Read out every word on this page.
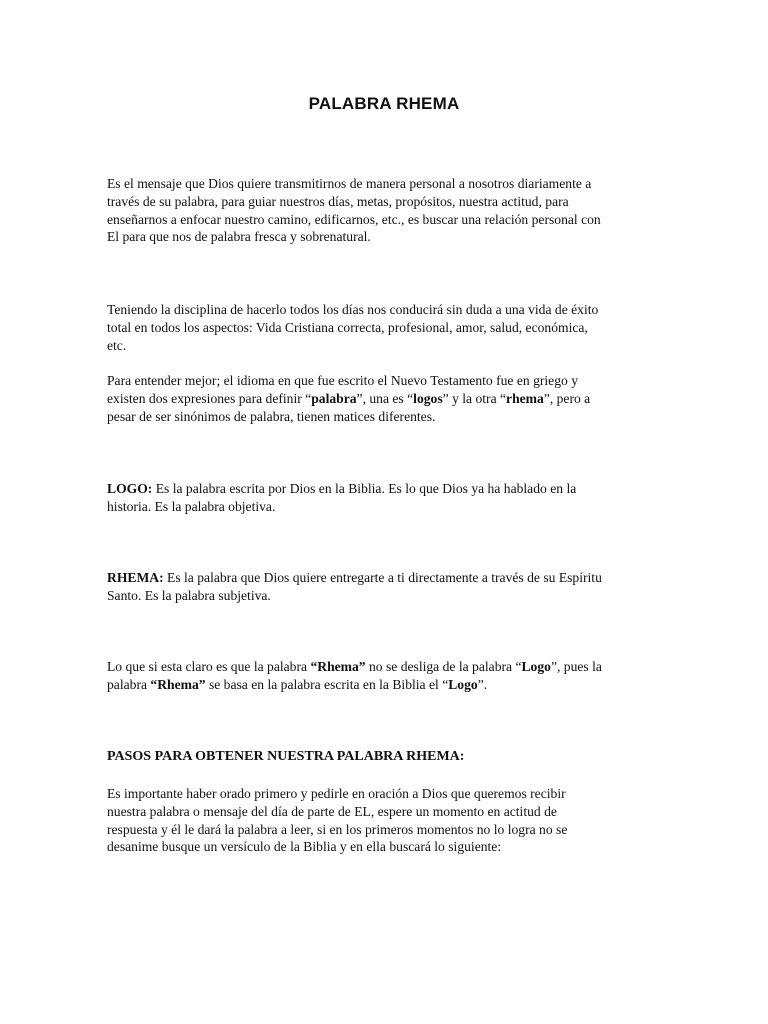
PALABRA RHEMA

Es el mensaje que Dios quiere transmitirnos de manera personal a nosotros diariamente a
través de su palabra, para guiar nuestros días, metas, propósitos, nuestra actitud, para
enseñarnos a enfocar nuestro camino, edificarnos, etc., es buscar una relación personal con
El para que nos de palabra fresca y sobrenatural.

Teniendo la disciplina de hacerlo todos los días nos conducirá sin duda a una vida de éxito
total en todos los aspectos: Vida Cristiana correcta, profesional, amor, salud, económica,
etc.

Para entender mejor; el idioma en que fue escrito el Nuevo Testamento fue en griego y
existen dos expresiones para definir “palabra”, una es “logos” y la otra “rhema”, pero a
pesar de ser sinónimos de palabra, tienen matices diferentes.

LOGO: Es la palabra escrita por Dios en la Biblia. Es lo que Dios ya ha hablado en la
historia. Es la palabra objetiva.

RHEMA: Es la palabra que Dios quiere entregarte a ti directamente a través de su Espíritu
Santo. Es la palabra subjetiva.

Lo que si esta claro es que la palabra “Rhema” no se desliga de la palabra “Logo”, pues la
palabra “Rhema” se basa en la palabra escrita en la Biblia el “Logo”.

PASOS PARA OBTENER NUESTRA PALABRA RHEMA:

Es importante haber orado primero y pedirle en oración a Dios que queremos recibir
nuestra palabra o mensaje del día de parte de EL, espere un momento en actitud de
respuesta y él le dará la palabra a leer, si en los primeros momentos no lo logra no se
desanime busque un versículo de la Biblia y en ella buscará lo siguiente:
